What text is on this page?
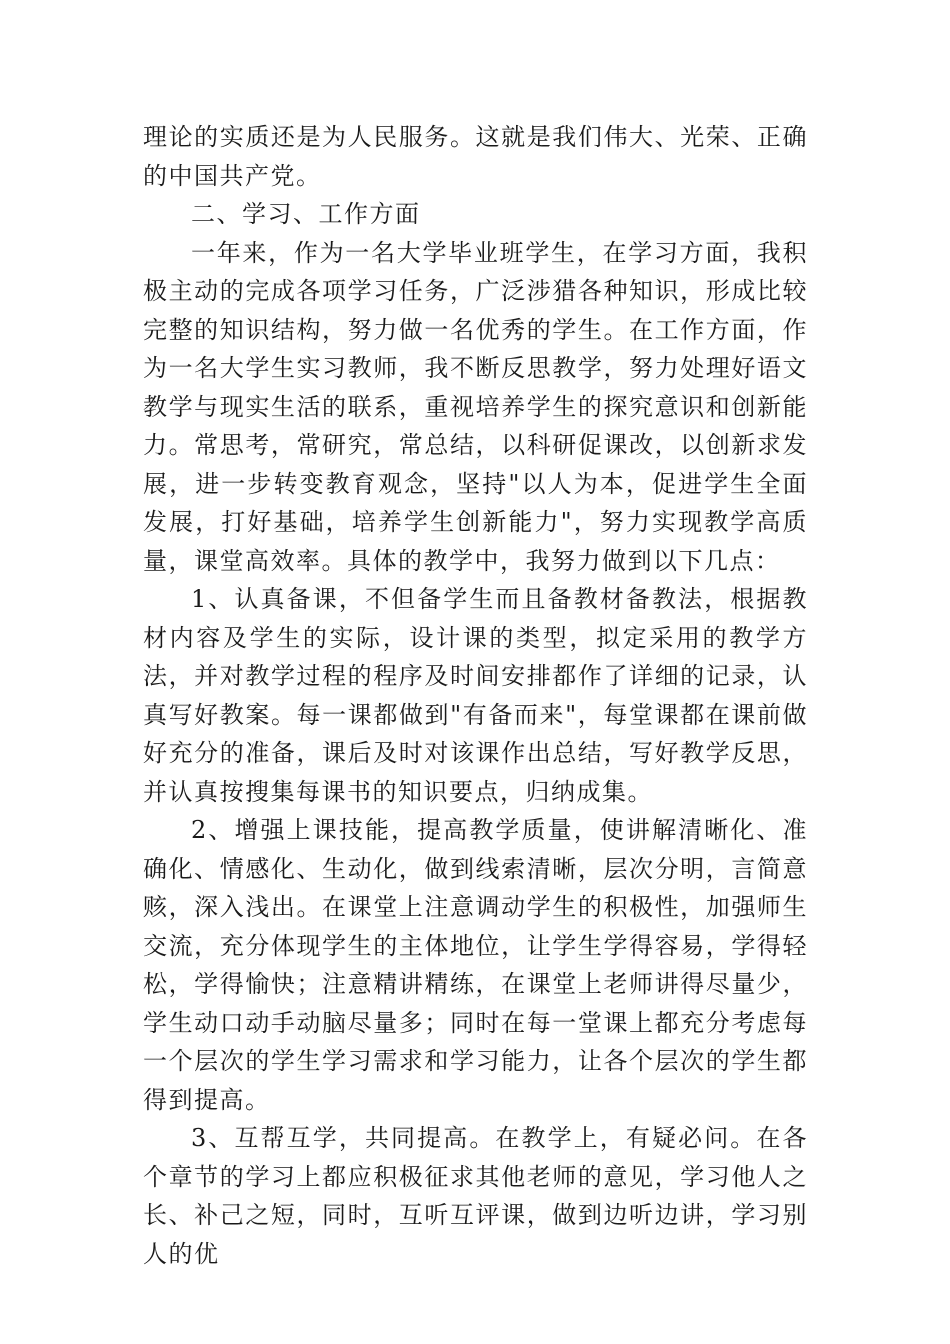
理论的实质还是为人民服务。这就是我们伟大、光荣、正确的中国共产党。

二、学习、工作方面

一年来，作为一名大学毕业班学生，在学习方面，我积极主动的完成各项学习任务，广泛涉猎各种知识，形成比较完整的知识结构，努力做一名优秀的学生。在工作方面，作为一名大学生实习教师，我不断反思教学，努力处理好语文教学与现实生活的联系，重视培养学生的探究意识和创新能力。常思考，常研究，常总结，以科研促课改，以创新求发展，进一步转变教育观念，坚持"以人为本，促进学生全面发展，打好基础，培养学生创新能力"，努力实现教学高质量，课堂高效率。具体的教学中，我努力做到以下几点：

1、认真备课，不但备学生而且备教材备教法，根据教材内容及学生的实际，设计课的类型，拟定采用的教学方法，并对教学过程的程序及时间安排都作了详细的记录，认真写好教案。每一课都做到"有备而来"，每堂课都在课前做好充分的准备，课后及时对该课作出总结，写好教学反思，并认真按搜集每课书的知识要点，归纳成集。

2、增强上课技能，提高教学质量，使讲解清晰化、准确化、情感化、生动化，做到线索清晰，层次分明，言简意赅，深入浅出。在课堂上注意调动学生的积极性，加强师生交流，充分体现学生的主体地位，让学生学得容易，学得轻松，学得愉快；注意精讲精练，在课堂上老师讲得尽量少，学生动口动手动脑尽量多；同时在每一堂课上都充分考虑每一个层次的学生学习需求和学习能力，让各个层次的学生都得到提高。

3、互帮互学，共同提高。在教学上，有疑必问。在各个章节的学习上都应积极征求其他老师的意见，学习他人之长、补己之短，同时，互听互评课，做到边听边讲，学习别人的优
